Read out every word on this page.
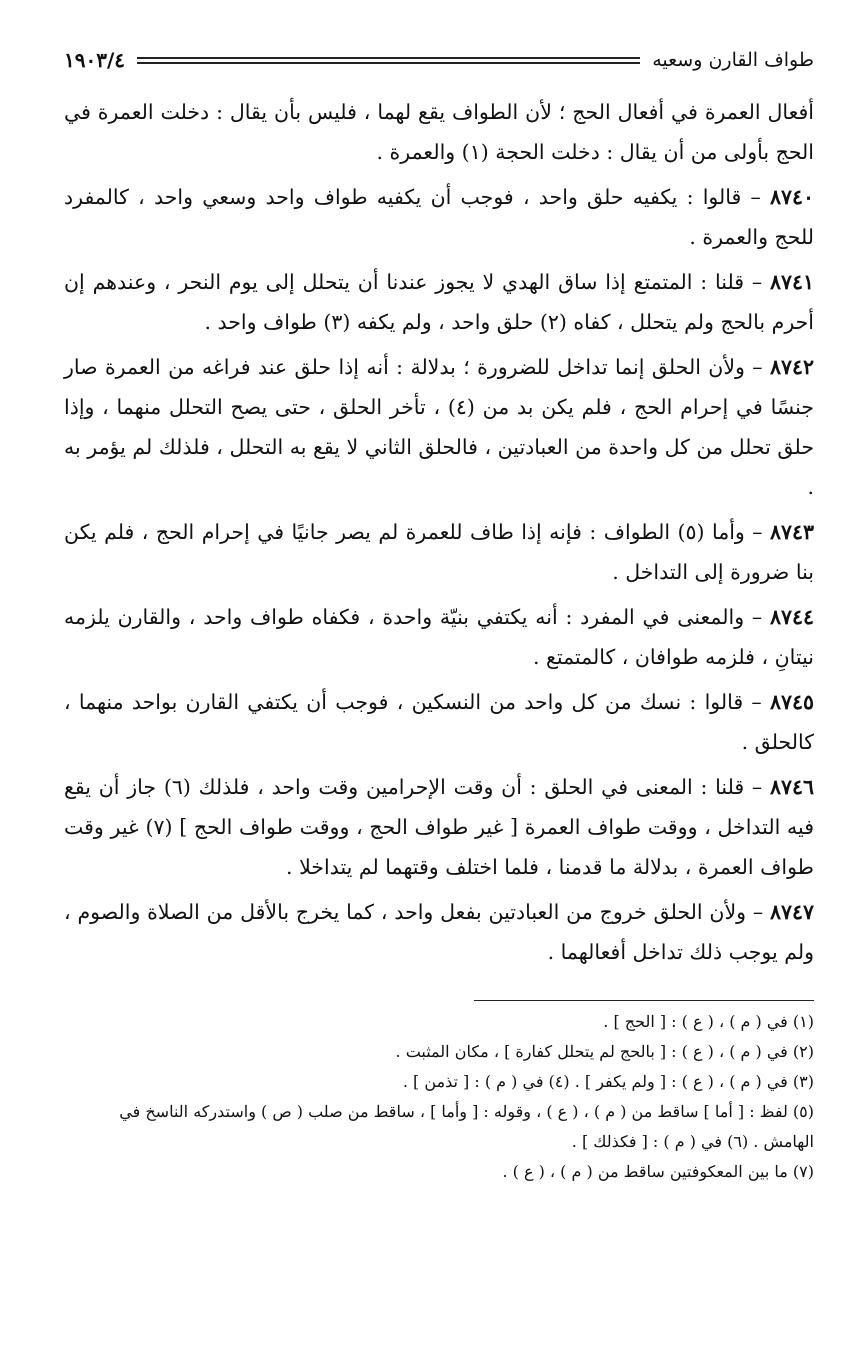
طواف القارن وسعيه
١٩٠٣/٤

أفعال العمرة في أفعال الحج ؛ لأن الطواف يقع لهما ، فليس بأن يقال : دخلت العمرة في الحج بأولى من أن يقال : دخلت الحجة (١) والعمرة .

٨٧٤٠ – قالوا : يكفيه حلق واحد ، فوجب أن يكفيه طواف واحد وسعي واحد ، كالمفرد للحج والعمرة .

٨٧٤١ – قلنا : المتمتع إذا ساق الهدي لا يجوز عندنا أن يتحلل إلى يوم النحر ، وعندهم إن أحرم بالحج ولم يتحلل ، كفاه (٢) حلق واحد ، ولم يكفه (٣) طواف واحد .

٨٧٤٢ – ولأن الحلق إنما تداخل للضرورة ؛ بدلالة : أنه إذا حلق عند فراغه من العمرة صار جنسًا في إحرام الحج ، فلم يكن بد من (٤) ، تأخر الحلق ، حتى يصح التحلل منهما ، وإذا حلق تحلل من كل واحدة من العبادتين ، فالحلق الثاني لا يقع به التحلل ، فلذلك لم يؤمر به .

٨٧٤٣ – وأما (٥) الطواف : فإنه إذا طاف للعمرة لم يصر جانيًا في إحرام الحج ، فلم يكن بنا ضرورة إلى التداخل .

٨٧٤٤ – والمعنى في المفرد : أنه يكتفي بنيّة واحدة ، فكفاه طواف واحد ، والقارن يلزمه نيتانِ ، فلزمه طوافان ، كالمتمتع .

٨٧٤٥ – قالوا : نسك من كل واحد من النسكين ، فوجب أن يكتفي القارن بواحد منهما ، كالحلق .

٨٧٤٦ – قلنا : المعنى في الحلق : أن وقت الإحرامين وقت واحد ، فلذلك (٦) جاز أن يقع فيه التداخل ، ووقت طواف العمرة [ غير طواف الحج ، ووقت طواف الحج ] (٧) غير وقت طواف العمرة ، بدلالة ما قدمنا ، فلما اختلف وقتهما لم يتداخلا .

٨٧٤٧ – ولأن الحلق خروج من العبادتين بفعل واحد ، كما يخرج بالأقل من الصلاة والصوم ، ولم يوجب ذلك تداخل أفعالهما .

(١) في ( م ) ، ( ع ) : [ الحج ] .

(٢) في ( م ) ، ( ع ) : [ بالحج لم يتحلل كفارة ] ، مكان المثبت .

(٣) في ( م ) ، ( ع ) : [ ولم يكفر ] . (٤) في ( م ) : [ تذمن ] .

(٥) لفظ : [ أما ] ساقط من ( م ) ، ( ع ) ، وقوله : [ وأما ] ، ساقط من صلب ( ص ) واستدركه الناسخ في الهامش . (٦) في ( م ) : [ فكذلك ] .

(٧) ما بين المعكوفتين ساقط من ( م ) ، ( ع ) .
